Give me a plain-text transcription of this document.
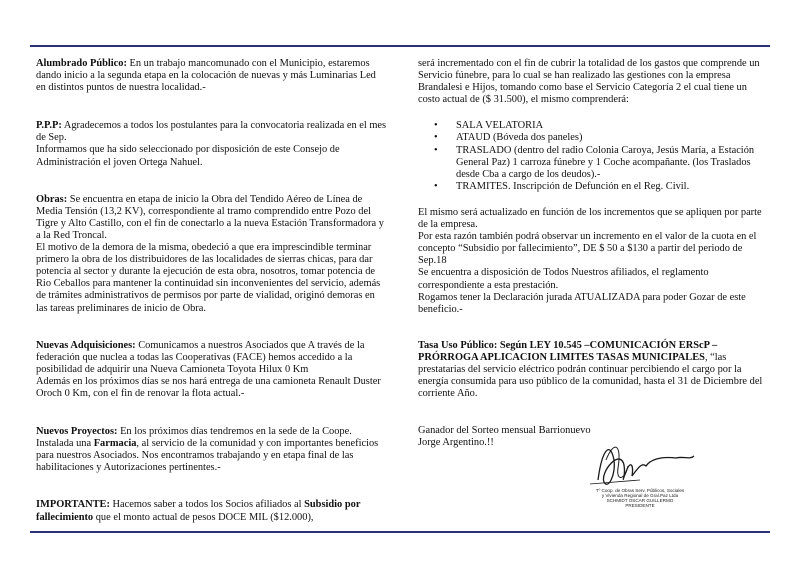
Alumbrado Público: En un trabajo mancomunado con el Municipio, estaremos dando inicio a la segunda etapa en la colocación de nuevas y más Luminarias Led en distintos puntos de nuestra localidad.-

P.P.P: Agradecemos a todos los postulantes para la convocatoria realizada en el mes de Sep.

Informamos que ha sido seleccionado por disposición de este Consejo de Administración el joven Ortega Nahuel.

Obras: Se encuentra en etapa de inicio la Obra del Tendido Aéreo de Línea de Media Tensión (13,2 KV), correspondiente al tramo comprendido entre Pozo del Tigre y Alto Castillo, con el fin de conectarlo a la nueva Estación Transformadora y a la Red Troncal.

El motivo de la demora de la misma, obedeció a que era imprescindible terminar primero la obra de los distribuidores de las localidades de sierras chicas, para dar potencia al sector y durante la ejecución de esta obra, nosotros, tomar potencia de Rio Ceballos para mantener la continuidad sin inconvenientes del servicio, además de trámites administrativos de permisos por parte de vialidad, originó demoras en las tareas preliminares de inicio de Obra.

Nuevas Adquisiciones: Comunicamos a nuestros Asociados que A través de la federación que nuclea a todas las Cooperativas (FACE) hemos accedido a la posibilidad de adquirir una Nueva Camioneta Toyota Hilux 0 Km

Además en los próximos días se nos hará entrega de una camioneta Renault Duster Oroch 0 Km, con el fin de renovar la flota actual.-

Nuevos Proyectos: En los próximos días tendremos en la sede de la Coope. Instalada una Farmacia, al servicio de la comunidad y con importantes beneficios para nuestros Asociados. Nos encontramos trabajando y en etapa final de las habilitaciones y Autorizaciones pertinentes.-

IMPORTANTE: Hacemos saber a todos los Socios afiliados al Subsidio por fallecimiento que el monto actual de pesos DOCE MIL ($12.000),

será incrementado con el fin de cubrir la totalidad de los gastos que comprende un Servicio fúnebre, para lo cual se han realizado las gestiones con la empresa Brandalesi e Hijos, tomando como base el Servicio Categoría 2 el cual tiene un costo actual de ($ 31.500), el mismo comprenderá:

• SALA VELATORIA
• ATAUD (Bóveda dos paneles)
• TRASLADO (dentro del radio Colonia Caroya, Jesús María, a Estación General Paz) 1 carroza fúnebre y 1 Coche acompañante. (los Traslados desde Cba a cargo de los deudos).-
• TRAMITES. Inscripción de Defunción en el Reg. Civil.

El mismo será actualizado en función de los incrementos que se apliquen por parte de la empresa.

Por esta razón también podrá observar un incremento en el valor de la cuota en el concepto “Subsidio por fallecimiento”, DE $ 50 a $130 a partir del periodo de Sep.18

Se encuentra a disposición de Todos Nuestros afiliados, el reglamento correspondiente a esta prestación.

Rogamos tener la Declaración jurada ATUALIZADA para poder Gozar de este beneficio.-

Tasa Uso Público: Según LEY 10.545 –COMUNICACIÓN ERScP – PRÓRROGA APLICACION LIMITES TASAS MUNICIPALES, “las prestatarias del servicio eléctrico podrán continuar percibiendo el cargo por la energía consumida para uso público de la comunidad, hasta el 31 de Diciembre del corriente Año.

Ganador del Sorteo mensual Barrionuevo

Jorge Argentino.!!

Tº Coop. de Obras Serv. Públicos, Sociales
y Vivienda Regional de Gral.Paz Ltda
SCHMIDT OSCAR GUILLERMO
PRESIDENTE
